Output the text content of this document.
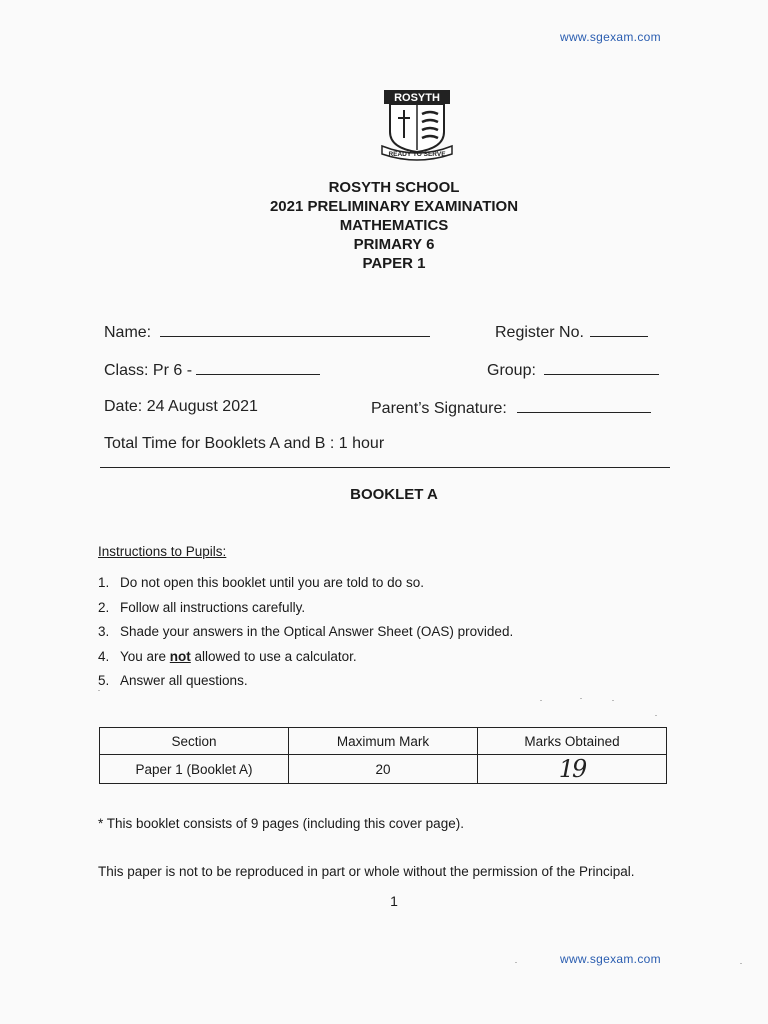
www.sgexam.com
ROSYTH
READY TO SERVE
ROSYTH SCHOOL
2021 PRELIMINARY EXAMINATION
MATHEMATICS
PRIMARY 6
PAPER 1
Name:	Register No.
Class: Pr 6 -	Group:
Date: 24 August 2021	Parent’s Signature:
Total Time for Booklets A and B : 1 hour
BOOKLET A
Instructions to Pupils:
1. Do not open this booklet until you are told to do so.
2. Follow all instructions carefully.
3. Shade your answers in the Optical Answer Sheet (OAS) provided.
4. You are not allowed to use a calculator.
5. Answer all questions.
Section	Maximum Mark	Marks Obtained
Paper 1 (Booklet A)	20	19
* This booklet consists of 9 pages (including this cover page).
This paper is not to be reproduced in part or whole without the permission of the Principal.
1
www.sgexam.com
